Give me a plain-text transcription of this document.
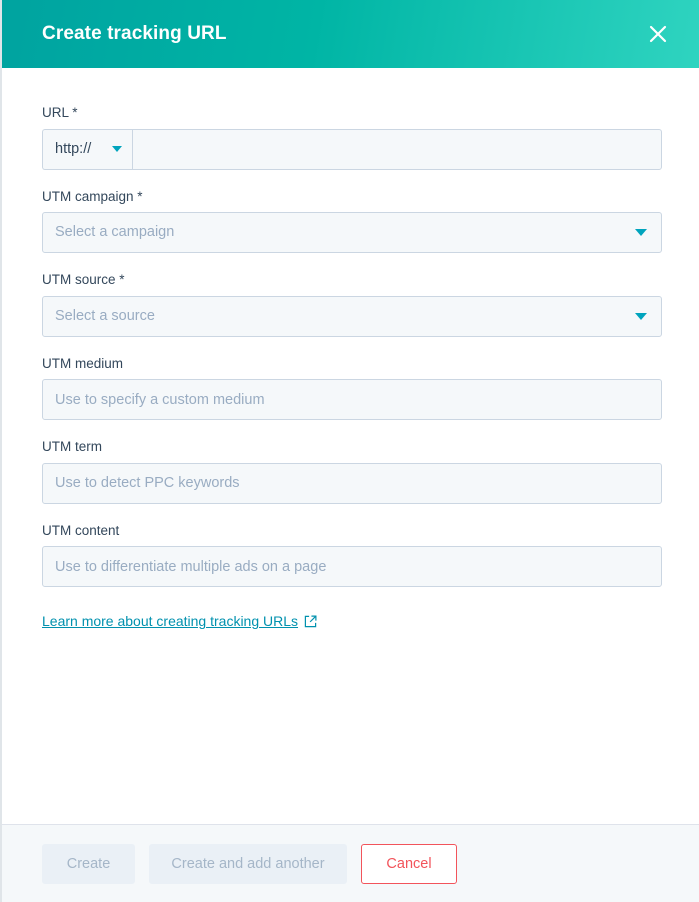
Create tracking URL
URL *
http://
UTM campaign *
Select a campaign
UTM source *
Select a source
UTM medium
Use to specify a custom medium
UTM term
Use to detect PPC keywords
UTM content
Use to differentiate multiple ads on a page
Learn more about creating tracking URLs
Create	Create and add another	Cancel
